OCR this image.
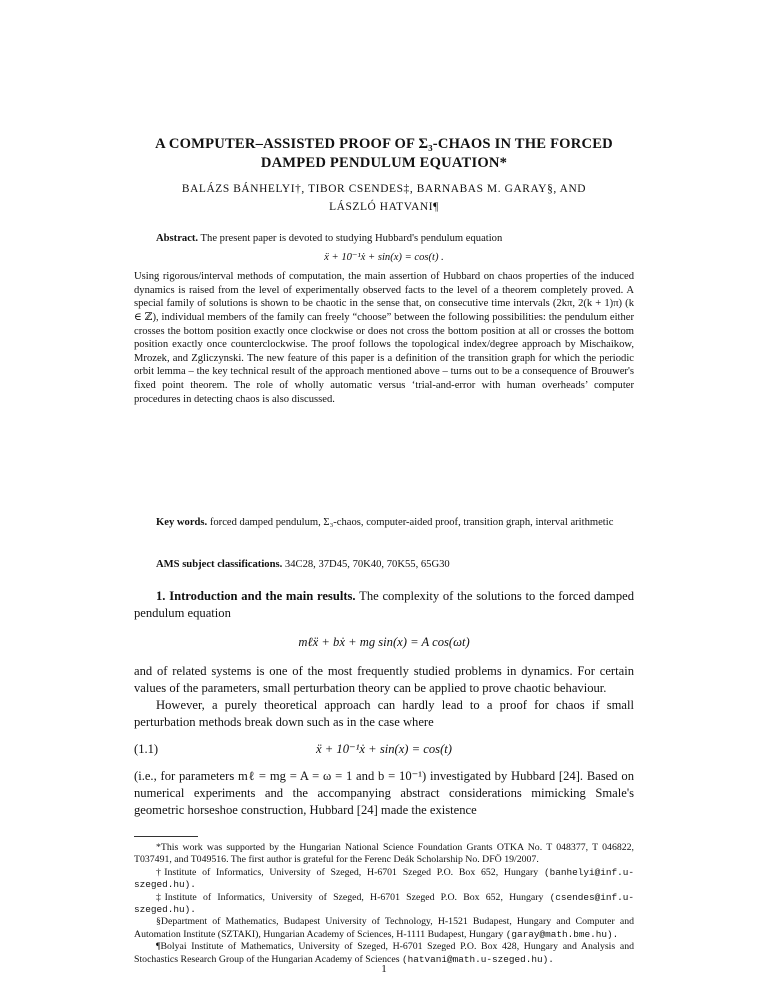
A COMPUTER–ASSISTED PROOF OF Σ₃-CHAOS IN THE FORCED
DAMPED PENDULUM EQUATION*
BALÁZS BÁNHELYI†, TIBOR CSENDES‡, BARNABAS M. GARAY§, AND
LÁSZLÓ HATVANI¶

Abstract. The present paper is devoted to studying Hubbard's pendulum equation

ẍ + 10⁻¹ẋ + sin(x) = cos(t) .

Using rigorous/interval methods of computation, the main assertion of Hubbard on chaos properties of the induced dynamics is raised from the level of experimentally observed facts to the level of a theorem completely proved. A special family of solutions is shown to be chaotic in the sense that, on consecutive time intervals (2kπ, 2(k + 1)π) (k ∈ ℤ), individual members of the family can freely “choose” between the following possibilities: the pendulum either crosses the bottom position exactly once clockwise or does not cross the bottom position at all or crosses the bottom position exactly once counterclockwise. The proof follows the topological index/degree approach by Mischaikow, Mrozek, and Zgliczynski. The new feature of this paper is a definition of the transition graph for which the periodic orbit lemma – the key technical result of the approach mentioned above – turns out to be a consequence of Brouwer's fixed point theorem. The role of wholly automatic versus ‘trial-and-error with human overheads’ computer procedures in detecting chaos is also discussed.

Key words. forced damped pendulum, Σ₃-chaos, computer-aided proof, transition graph, interval arithmetic

AMS subject classifications. 34C28, 37D45, 70K40, 70K55, 65G30

1. Introduction and the main results. The complexity of the solutions to the forced damped pendulum equation

mℓẍ + bẋ + mg sin(x) = A cos(ωt)

and of related systems is one of the most frequently studied problems in dynamics. For certain values of the parameters, small perturbation theory can be applied to prove chaotic behaviour.

However, a purely theoretical approach can hardly lead to a proof for chaos if small perturbation methods break down such as in the case where

(1.1)	ẍ + 10⁻¹ẋ + sin(x) = cos(t)

(i.e., for parameters mℓ = mg = A = ω = 1 and b = 10⁻¹) investigated by Hubbard [24]. Based on numerical experiments and the accompanying abstract considerations mimicking Smale's geometric horseshoe construction, Hubbard [24] made the existence

*This work was supported by the Hungarian National Science Foundation Grants OTKA No. T 048377, T 046822, T037491, and T049516. The first author is grateful for the Ferenc Deák Scholarship No. DFÖ 19/2007.

†Institute of Informatics, University of Szeged, H-6701 Szeged P.O. Box 652, Hungary (banhelyi@inf.u-szeged.hu).

‡Institute of Informatics, University of Szeged, H-6701 Szeged P.O. Box 652, Hungary (csendes@inf.u-szeged.hu).

§Department of Mathematics, Budapest University of Technology, H-1521 Budapest, Hungary and Computer and Automation Institute (SZTAKI), Hungarian Academy of Sciences, H-1111 Budapest, Hungary (garay@math.bme.hu).

¶Bolyai Institute of Mathematics, University of Szeged, H-6701 Szeged P.O. Box 428, Hungary and Analysis and Stochastics Research Group of the Hungarian Academy of Sciences (hatvani@math.u-szeged.hu).

1
